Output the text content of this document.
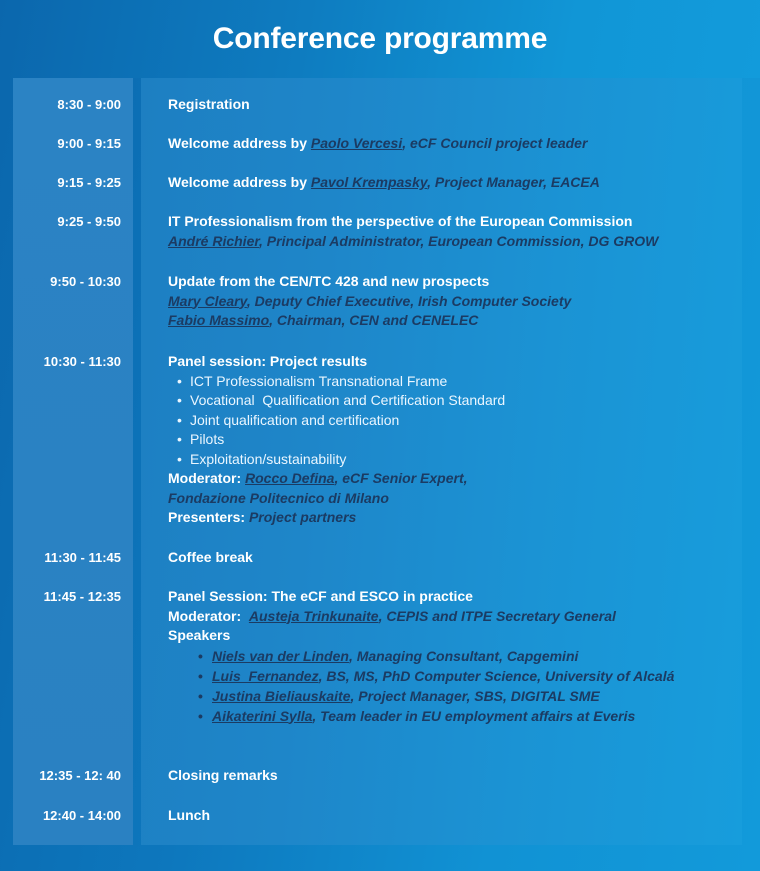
Conference programme
8:30 - 9:00
9:00 - 9:15
9:15 - 9:25
9:25 - 9:50
9:50 - 10:30
10:30 - 11:30
11:30 - 11:45
11:45 - 12:35
12:35 - 12: 40
12:40 - 14:00
Registration
Welcome address by Paolo Vercesi, eCF Council project leader
Welcome address by Pavol Krempasky, Project Manager, EACEA
IT Professionalism from the perspective of the European Commission
André Richier, Principal Administrator, European Commission, DG GROW
Update from the CEN/TC 428 and new prospects
Mary Cleary, Deputy Chief Executive, Irish Computer Society
Fabio Massimo, Chairman, CEN and CENELEC
Panel session: Project results
• ICT Professionalism Transnational Frame
• Vocational  Qualification and Certification Standard
• Joint qualification and certification
• Pilots
• Exploitation/sustainability
Moderator: Rocco Defina, eCF Senior Expert,
Fondazione Politecnico di Milano
Presenters: Project partners
Coffee break
Panel Session: The eCF and ESCO in practice
Moderator:  Austeja Trinkunaite, CEPIS and ITPE Secretary General
Speakers
• Niels van der Linden, Managing Consultant, Capgemini
• Luis  Fernandez, BS, MS, PhD Computer Science, University of Alcalá
• Justina Bieliauskaite, Project Manager, SBS, DIGITAL SME
• Aikaterini Sylla, Team leader in EU employment affairs at Everis
Closing remarks
Lunch
